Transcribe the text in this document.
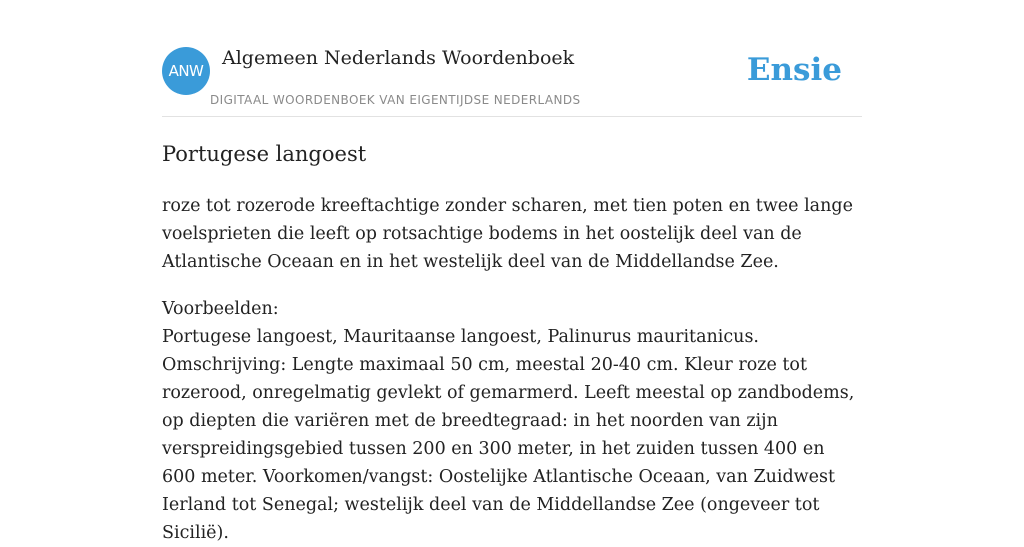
ANW
Algemeen Nederlands Woordenboek
DIGITAAL WOORDENBOEK VAN EIGENTIJDSE NEDERLANDS
Ensie
Portugese langoest

roze tot rozerode kreeftachtige zonder scharen, met tien poten en twee lange voelsprieten die leeft op rotsachtige bodems in het oostelijk deel van de Atlantische Oceaan en in het westelijk deel van de Middellandse Zee.

Voorbeelden:
Portugese langoest, Mauritaanse langoest, Palinurus mauritanicus. Omschrijving: Lengte maximaal 50 cm, meestal 20-40 cm. Kleur roze tot rozerood, onregelmatig gevlekt of gemarmerd. Leeft meestal op zandbodems, op diepten die variëren met de breedtegraad: in het noorden van zijn verspreidingsgebied tussen 200 en 300 meter, in het zuiden tussen 400 en 600 meter. Voorkomen/vangst: Oostelijke Atlantische Oceaan, van Zuidwest Ierland tot Senegal; westelijk deel van de Middellandse Zee (ongeveer tot Sicilië).
